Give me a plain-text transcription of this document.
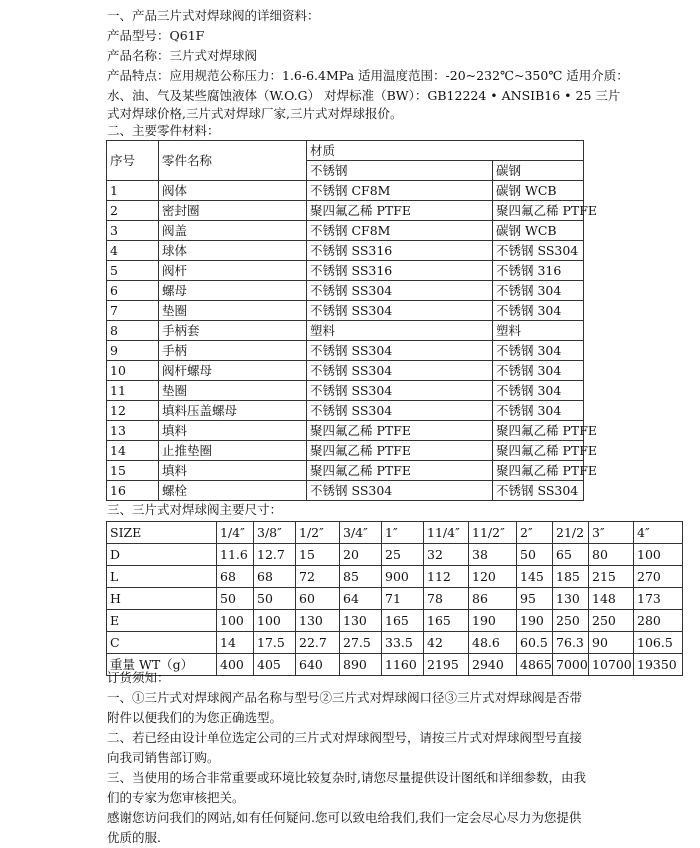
一、产品三片式对焊球阀的详细资料：
产品型号：Q61F
产品名称：三片式对焊球阀
产品特点：应用规范公称压力：1.6-6.4MPa 适用温度范围：-20~232℃~350℃ 适用介质：
水、油、气及某些腐蚀液体（W.O.G） 对焊标准（BW）：GB12224 • ANSIB16 • 25 三片
式对焊球价格,三片式对焊球厂家,三片式对焊球报价。
二、主要零件材料：
序号	零件名称	材质	
		不锈钢	碳钢
1	阀体	不锈钢 CF8M	碳钢 WCB
2	密封圈	聚四氟乙稀 PTFE	聚四氟乙稀 PTFE
3	阀盖	不锈钢 CF8M	碳钢 WCB
4	球体	不锈钢 SS316	不锈钢 SS304
5	阀杆	不锈钢 SS316	不锈钢 316
6	螺母	不锈钢 SS304	不锈钢 304
7	垫圈	不锈钢 SS304	不锈钢 304
8	手柄套	塑料	塑料
9	手柄	不锈钢 SS304	不锈钢 304
10	阀杆螺母	不锈钢 SS304	不锈钢 304
11	垫圈	不锈钢 SS304	不锈钢 304
12	填料压盖螺母	不锈钢 SS304	不锈钢 304
13	填料	聚四氟乙稀 PTFE	聚四氟乙稀 PTFE
14	止推垫圈	聚四氟乙稀 PTFE	聚四氟乙稀 PTFE
15	填料	聚四氟乙稀 PTFE	聚四氟乙稀 PTFE
16	螺栓	不锈钢 SS304	不锈钢 SS304
三、三片式对焊球阀主要尺寸：
SIZE	1/4″	3/8″	1/2″	3/4″	1″	11/4″	11/2″	2″	21/2	3″	4″
D	11.6	12.7	15	20	25	32	38	50	65	80	100
L	68	68	72	85	900	112	120	145	185	215	270
H	50	50	60	64	71	78	86	95	130	148	173
E	100	100	130	130	165	165	190	190	250	250	280
C	14	17.5	22.7	27.5	33.5	42	48.6	60.5	76.3	90	106.5
重量 WT（g）	400	405	640	890	1160	2195	2940	4865	7000	10700	19350
订货须知：
一、①三片式对焊球阀产品名称与型号②三片式对焊球阀口径③三片式对焊球阀是否带附件以便我们的为您正确选型。
二、若已经由设计单位选定公司的三片式对焊球阀型号，请按三片式对焊球阀型号直接向我司销售部订购。
三、当使用的场合非常重要或环境比较复杂时,请您尽量提供设计图纸和详细参数，由我们的专家为您审核把关。
感谢您访问我们的网站,如有任何疑问.您可以致电给我们,我们一定会尽心尽力为您提供优质的服.
